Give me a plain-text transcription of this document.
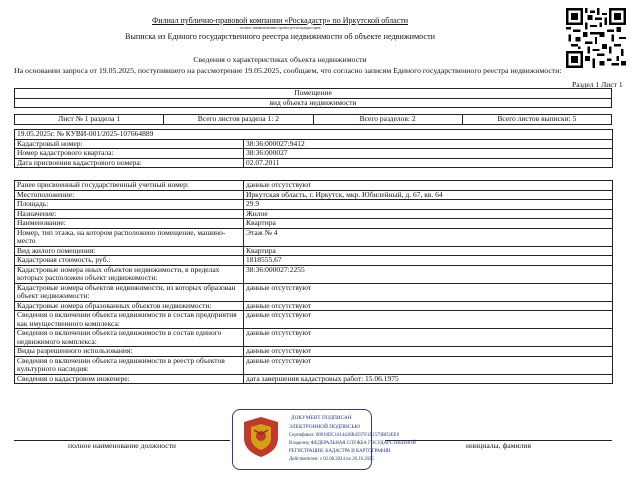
Филиал публично-правовой компании «Роскадастр» по Иркутской области
полное наименование органа регистрации прав
Выписка из Единого государственного реестра недвижимости об объекте недвижимости
Сведения о характеристиках объекта недвижимости
На основании запроса от 19.05.2025, поступившего на рассмотрение 19.05.2025, сообщаем, что согласно записям Единого государственного реестра недвижимости:
Раздел 1 Лист 1
Помещение
вид объекта недвижимости
Лист № 1 раздела 1	Всего листов раздела 1: 2	Всего разделов: 2	Всего листов выписки: 5
19.05.2025г. № КУВИ-001/2025-107664889	
Кадастровый номер:	38:36:000027:9412
Номер кадастрового квартала:	38:36:000027
Дата присвоения кадастрового номера:	02.07.2011

Ранее присвоенный государственный учетный номер:	данные отсутствуют
Местоположение:	Иркутская область, г. Иркутск, мкр. Юбилейный, д. 67, кв. 64
Площадь:	29.9
Назначение:	Жилое
Наименование:	Квартира
Номер, тип этажа, на котором расположено помещение, машино-место	Этаж № 4
Вид жилого помещения:	Квартира
Кадастровая стоимость, руб.:	1818555.67
Кадастровые номера иных объектов недвижимости, в пределах которых расположен объект недвижимости:	38:36:000027:2255
Кадастровые номера объектов недвижимости, из которых образован объект недвижимости:	данные отсутствуют
Кадастровые номера образованных объектов недвижимости:	данные отсутствуют
Сведения о включении объекта недвижимости в состав предприятия как имущественного комплекса:	данные отсутствуют
Сведения о включении объекта недвижимости в состав единого недвижимого комплекса:	данные отсутствуют
Виды разрешенного использования:	данные отсутствуют
Сведения о включении объекта недвижимости в реестр объектов культурного наследия:	данные отсутствуют
Сведения о кадастровом инженере:	дата завершения кадастровых работ: 15.06.1975
полное наименование должности	инициалы, фамилия
ДОКУМЕНТ ПОДПИСАН
ЭЛЕКТРОННОЙ ПОДПИСЬЮ
Сертификат: 00910DC1014426B4597F1E2579BD2EE0
Владелец: ФЕДЕРАЛЬНАЯ СЛУЖБА ГОСУДАРСТВЕННОЙ
РЕГИСТРАЦИИ, КАДАСТРА И КАРТОГРАФИИ
Действителен: с 02.08.2024 по 26.10.2025
